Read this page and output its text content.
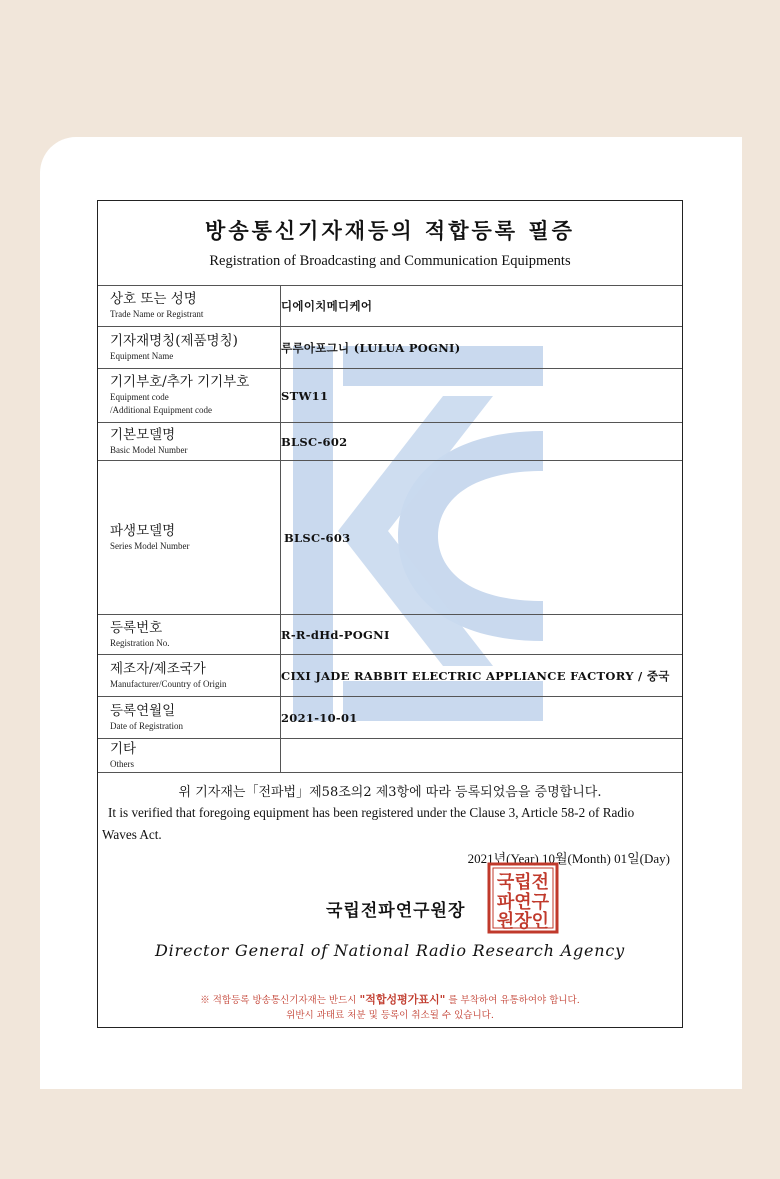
방송통신기자재등의 적합등록 필증
Registration of Broadcasting and Communication Equipments
상호 또는 성명
Trade Name or Registrant	디에이치메디케어

기자재명칭(제품명칭)
Equipment Name	루루아포그니 (LULUA POGNI)

기기부호/추가 기기부호
Equipment code
/Additional Equipment code	STW11

기본모델명
Basic Model Number	BLSC-602

파생모델명
Series Model Number	BLSC-603

등록번호
Registration No.	R-R-dHd-POGNI

제조자/제조국가
Manufacturer/Country of Origin	CIXI JADE RABBIT ELECTRIC APPLIANCE FACTORY / 중국

등록연월일
Date of Registration	2021-10-01

기타
Others	

위 기자재는「전파법」제58조의2 제3항에 따라 등록되었음을 증명합니다.
It is verified that foregoing equipment has been registered under the Clause 3, Article 58-2 of Radio
Waves Act.
2021년(Year) 10월(Month) 01일(Day)
국립전파연구원장
국립전
파연구
원장인
Director General of National Radio Research Agency
※ 적합등록 방송통신기자재는 반드시 "적합성평가표시" 를 부착하여 유통하여야 합니다.
위반시 과태료 처분 및 등록이 취소될 수 있습니다.
